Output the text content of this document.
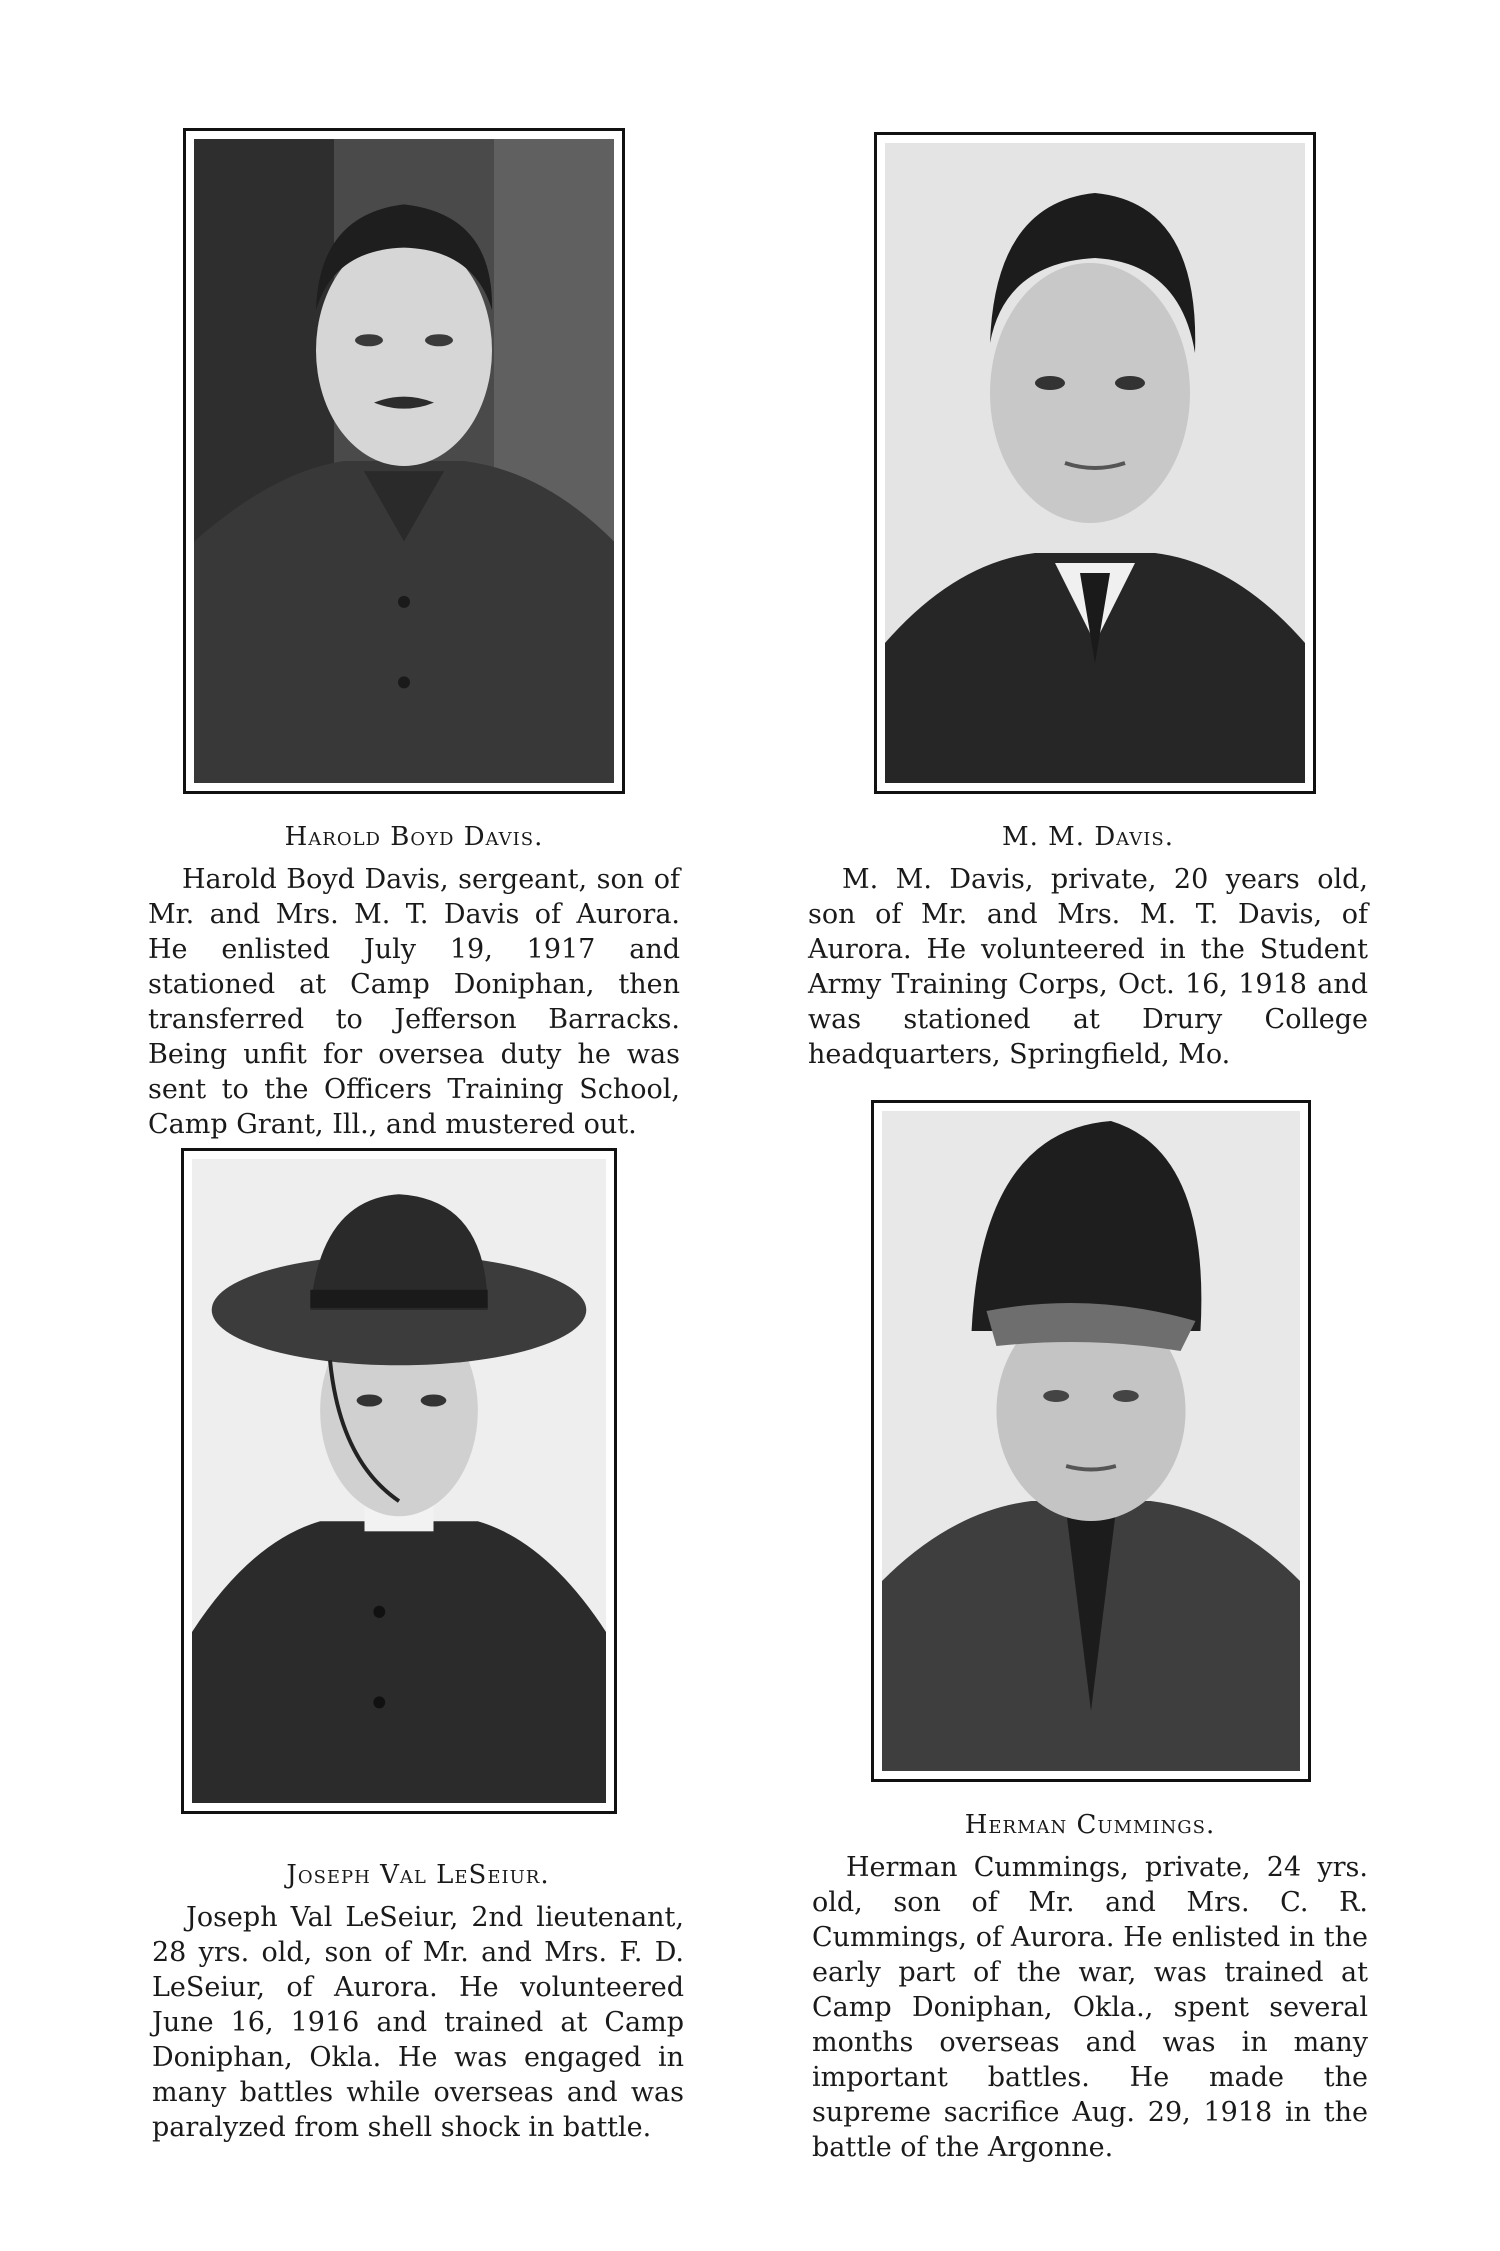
Harold Boyd Davis.

Harold Boyd Davis, sergeant, son of Mr. and Mrs. M. T. Davis of Aurora. He enlisted July 19, 1917 and stationed at Camp Doniphan, then transferred to Jefferson Barracks. Being unfit for oversea duty he was sent to the Officers Training School, Camp Grant, Ill., and mustered out.

M. M. Davis.

M. M. Davis, private, 20 years old, son of Mr. and Mrs. M. T. Davis, of Aurora. He volunteered in the Student Army Training Corps, Oct. 16, 1918 and was stationed at Drury College headquarters, Springfield, Mo.

Herman Cummings.

Herman Cummings, private, 24 yrs. old, son of Mr. and Mrs. C. R. Cummings, of Aurora. He enlisted in the early part of the war, was trained at Camp Doniphan, Okla., spent several months overseas and was in many important battles. He made the supreme sacrifice Aug. 29, 1918 in the battle of the Argonne.

Joseph Val LeSeiur.

Joseph Val LeSeiur, 2nd lieutenant, 28 yrs. old, son of Mr. and Mrs. F. D. LeSeiur, of Aurora. He volunteered June 16, 1916 and trained at Camp Doniphan, Okla. He was engaged in many battles while overseas and was paralyzed from shell shock in battle.
